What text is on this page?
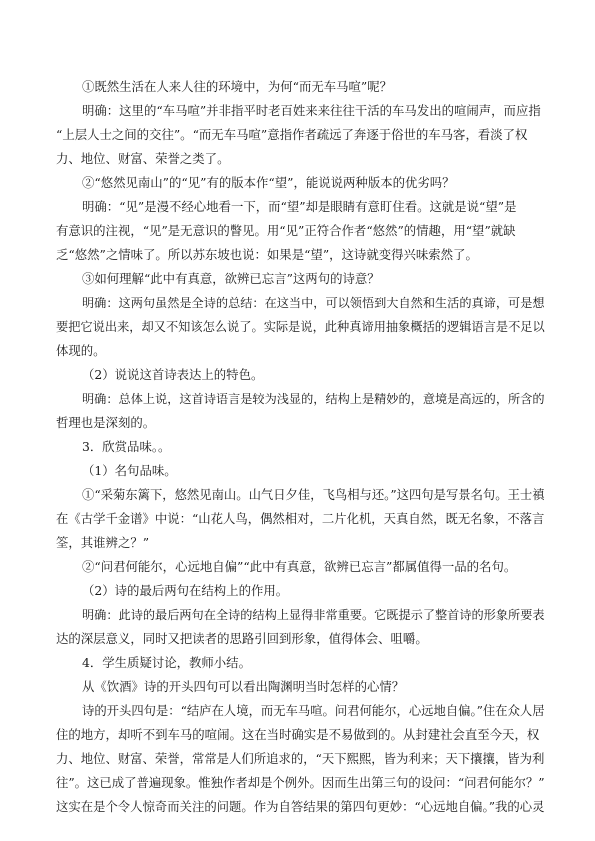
①既然生活在人来人往的环境中，为何“而无车马喧”呢？

明确：这里的“车马喧”并非指平时老百姓来来往往干活的车马发出的喧闹声，而应指

“上层人士之间的交往”。“而无车马喧”意指作者疏远了奔逐于俗世的车马客，看淡了权

力、地位、财富、荣誉之类了。

②“悠然见南山”的“见”有的版本作“望”，能说说两种版本的优劣吗？

明确：“见”是漫不经心地看一下，而“望”却是眼睛有意盯住看。这就是说“望”是

有意识的注视，“见”是无意识的瞥见。用“见”正符合作者“悠然”的情趣，用“望”就缺

乏“悠然”之情味了。所以苏东坡也说：如果是“望”，这诗就变得兴味索然了。

③如何理解“此中有真意，欲辨已忘言”这两句的诗意？

明确：这两句虽然是全诗的总结：在这当中，可以领悟到大自然和生活的真谛，可是想

要把它说出来，却又不知该怎么说了。实际是说，此种真谛用抽象概括的逻辑语言是不足以

体现的。

（2）说说这首诗表达上的特色。

明确：总体上说，这首诗语言是较为浅显的，结构上是精妙的，意境是高远的，所含的

哲理也是深刻的。

3．欣赏品味。。

（1）名句品味。

①“采菊东篱下，悠然见南山。山气日夕佳，飞鸟相与还。”这四句是写景名句。王士禛

在《古学千金谱》中说：“山花人鸟，偶然相对，二片化机，天真自然，既无名象，不落言

筌，其谁辨之？”

②“问君何能尔，心远地自偏”“此中有真意，欲辨已忘言”都属值得一品的名句。

（2）诗的最后两句在结构上的作用。

明确：此诗的最后两句在全诗的结构上显得非常重要。它既提示了整首诗的形象所要表

达的深层意义，同时又把读者的思路引回到形象，值得体会、咀嚼。

4．学生质疑讨论，教师小结。

从《饮酒》诗的开头四句可以看出陶渊明当时怎样的心情？

诗的开头四句是：“结庐在人境，而无车马喧。问君何能尔，心远地自偏。”住在众人居

住的地方，却听不到车马的喧闹。这在当时确实是不易做到的。从封建社会直至今天，权

力、地位、财富、荣誉，常常是人们所追求的，“天下熙熙，皆为利来；天下攘攘，皆为利

往”。这已成了普遍现象。惟独作者却是个例外。因而生出第三句的设问：“问君何能尔？”

这实在是个令人惊奇而关注的问题。作为自答结果的第四句更妙：“心远地自偏。”我的心灵
